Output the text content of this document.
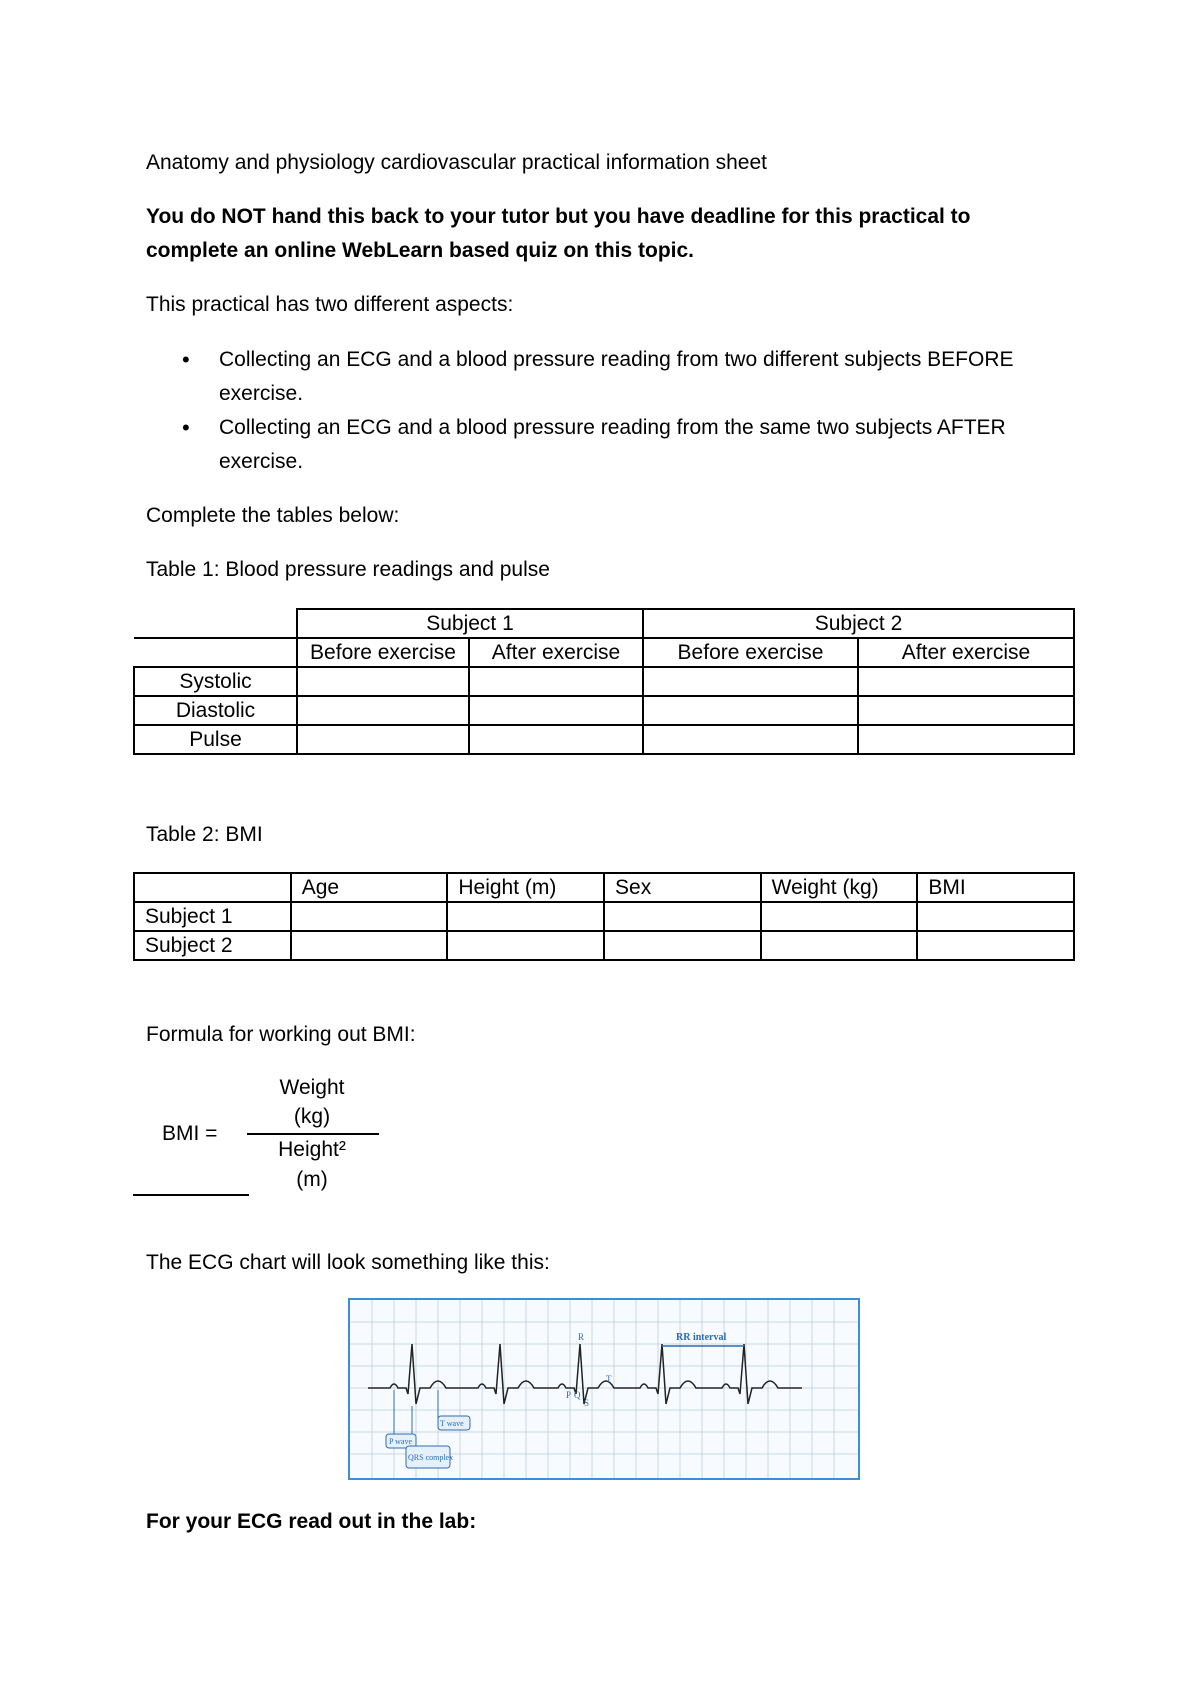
Anatomy and physiology cardiovascular practical information sheet

You do NOT hand this back to your tutor but you have deadline for this practical to complete an online WebLearn based quiz on this topic.

This practical has two different aspects:

• Collecting an ECG and a blood pressure reading from two different subjects BEFORE exercise.
• Collecting an ECG and a blood pressure reading from the same two subjects AFTER exercise.

Complete the tables below:

Table 1: Blood pressure readings and pulse

	Subject 1		Subject 2	
	Before exercise	After exercise	Before exercise	After exercise
Systolic				
Diastolic				
Pulse				

Table 2: BMI

	Age	Height (m)	Sex	Weight (kg)	BMI
Subject 1					
Subject 2					

Formula for working out BMI:

BMI =
Weight
(kg)
Height²
(m)

The ECG chart will look something like this:

RR interval
R
P Q
S
T
P wave
T wave
QRS complex

For your ECG read out in the lab:
